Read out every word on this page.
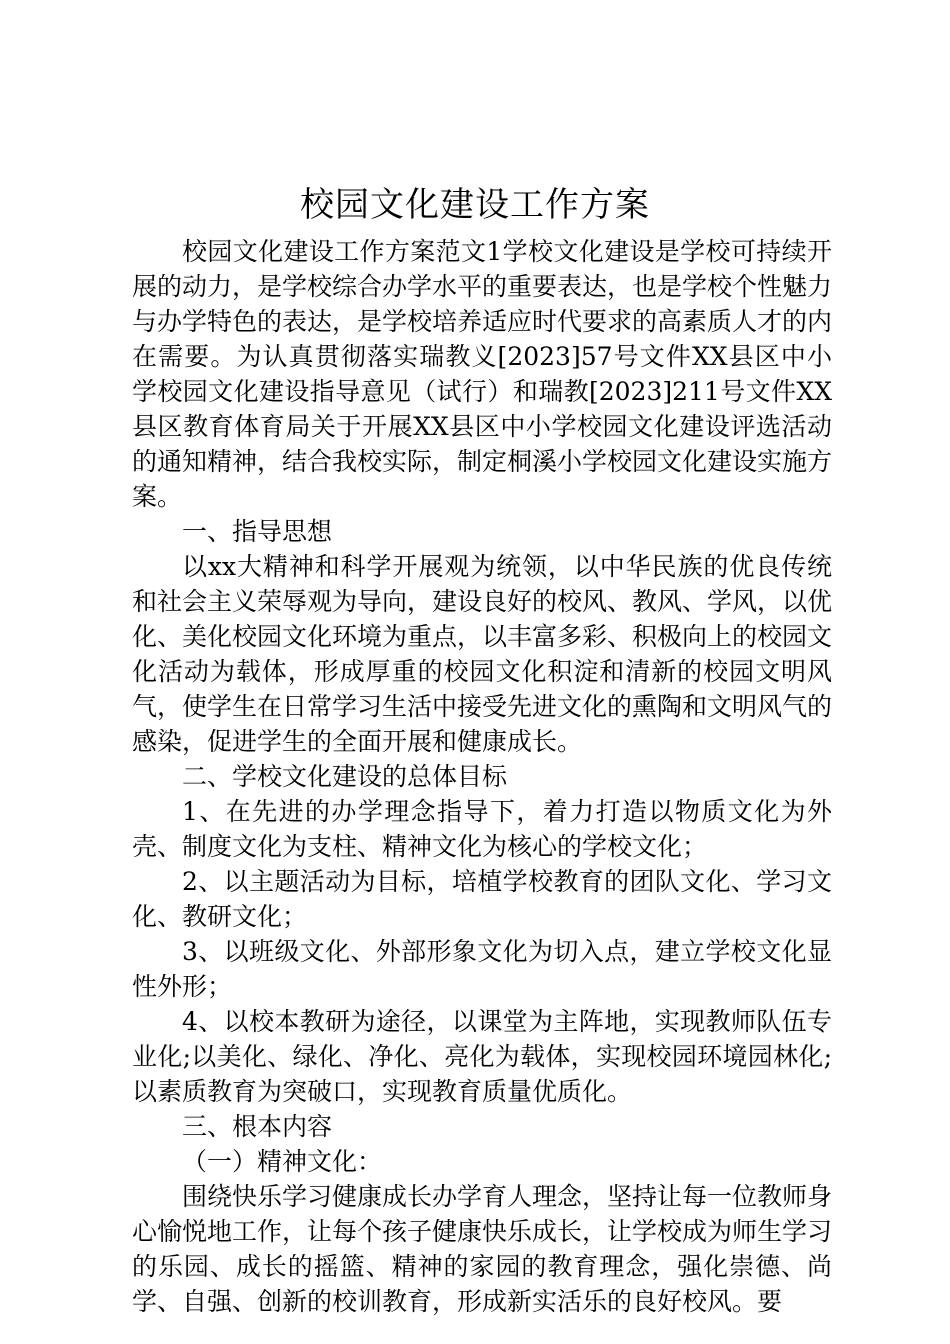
校园文化建设工作方案

校园文化建设工作方案范文1学校文化建设是学校可持续开展的动力，是学校综合办学水平的重要表达，也是学校个性魅力与办学特色的表达，是学校培养适应时代要求的高素质人才的内在需要。为认真贯彻落实瑞教义[2023]57号文件XX县区中小学校园文化建设指导意见（试行）和瑞教[2023]211号文件XX县区教育体育局关于开展XX县区中小学校园文化建设评选活动的通知精神，结合我校实际，制定桐溪小学校园文化建设实施方案。

一、指导思想

以xx大精神和科学开展观为统领，以中华民族的优良传统和社会主义荣辱观为导向，建设良好的校风、教风、学风，以优化、美化校园文化环境为重点，以丰富多彩、积极向上的校园文化活动为载体，形成厚重的校园文化积淀和清新的校园文明风气，使学生在日常学习生活中接受先进文化的熏陶和文明风气的感染，促进学生的全面开展和健康成长。

二、学校文化建设的总体目标

1、在先进的办学理念指导下，着力打造以物质文化为外壳、制度文化为支柱、精神文化为核心的学校文化；

2、以主题活动为目标，培植学校教育的团队文化、学习文化、教研文化；

3、以班级文化、外部形象文化为切入点，建立学校文化显性外形；

4、以校本教研为途径，以课堂为主阵地，实现教师队伍专业化;以美化、绿化、净化、亮化为载体，实现校园环境园林化;以素质教育为突破口，实现教育质量优质化。

三、根本内容

（一）精神文化：

围绕快乐学习健康成长办学育人理念，坚持让每一位教师身心愉悦地工作，让每个孩子健康快乐成长，让学校成为师生学习的乐园、成长的摇篮、精神的家园的教育理念，强化崇德、尚学、自强、创新的校训教育，形成新实活乐的良好校风。要
